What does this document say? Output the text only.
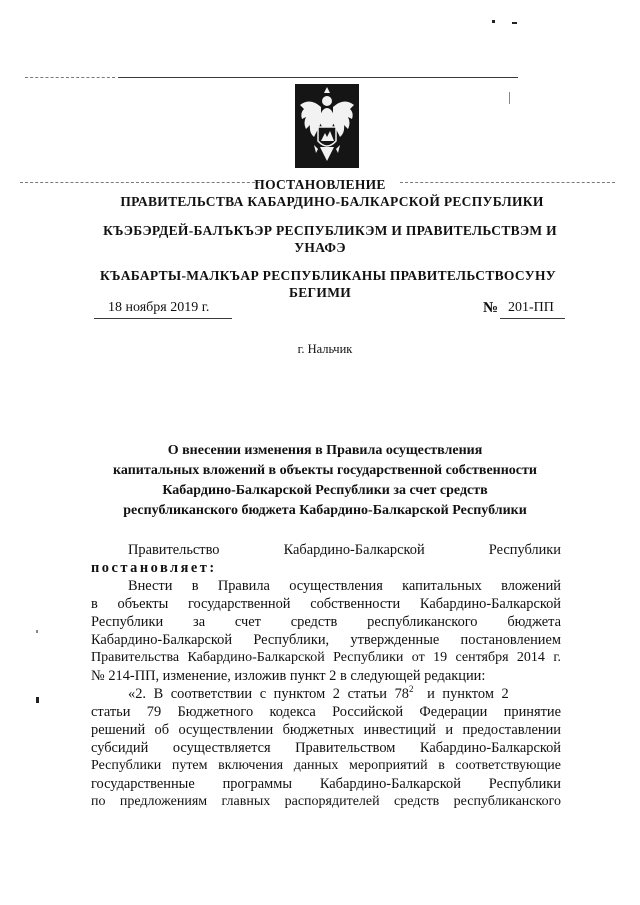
ПОСТАНОВЛЕНИЕ
ПРАВИТЕЛЬСТВА КАБАРДИНО-БАЛКАРСКОЙ РЕСПУБЛИКИ
КЪЭБЭРДЕЙ-БАЛЪКЪЭР РЕСПУБЛИКЭМ И ПРАВИТЕЛЬСТВЭМ И
УНАФЭ
КЪАБАРТЫ-МАЛКЪАР РЕСПУБЛИКАНЫ ПРАВИТЕЛЬСТВОСУНУ
БЕГИМИ
18 ноября 2019 г.	№ 201-ПП
г. Нальчик
О внесении изменения в Правила осуществления
капитальных вложений в объекты государственной собственности
Кабардино-Балкарской Республики за счет средств
республиканского бюджета Кабардино-Балкарской Республики
Правительство Кабардино-Балкарской Республики
постановляет:
Внести в Правила осуществления капитальных вложений
в объекты государственной собственности Кабардино-Балкарской
Республики за счет средств республиканского бюджета
Кабардино-Балкарской Республики, утвержденные постановлением
Правительства Кабардино-Балкарской Республики от 19 сентября 2014 г.
№ 214-ПП, изменение, изложив пункт 2 в следующей редакции:
«2. В соответствии с пунктом 2 статьи $78^2$ и пунктом 2
статьи 79 Бюджетного кодекса Российской Федерации принятие
решений об осуществлении бюджетных инвестиций и предоставлении
субсидий осуществляется Правительством Кабардино-Балкарской
Республики путем включения данных мероприятий в соответствующие
государственные программы Кабардино-Балкарской Республики
по предложениям главных распорядителей средств республиканского
